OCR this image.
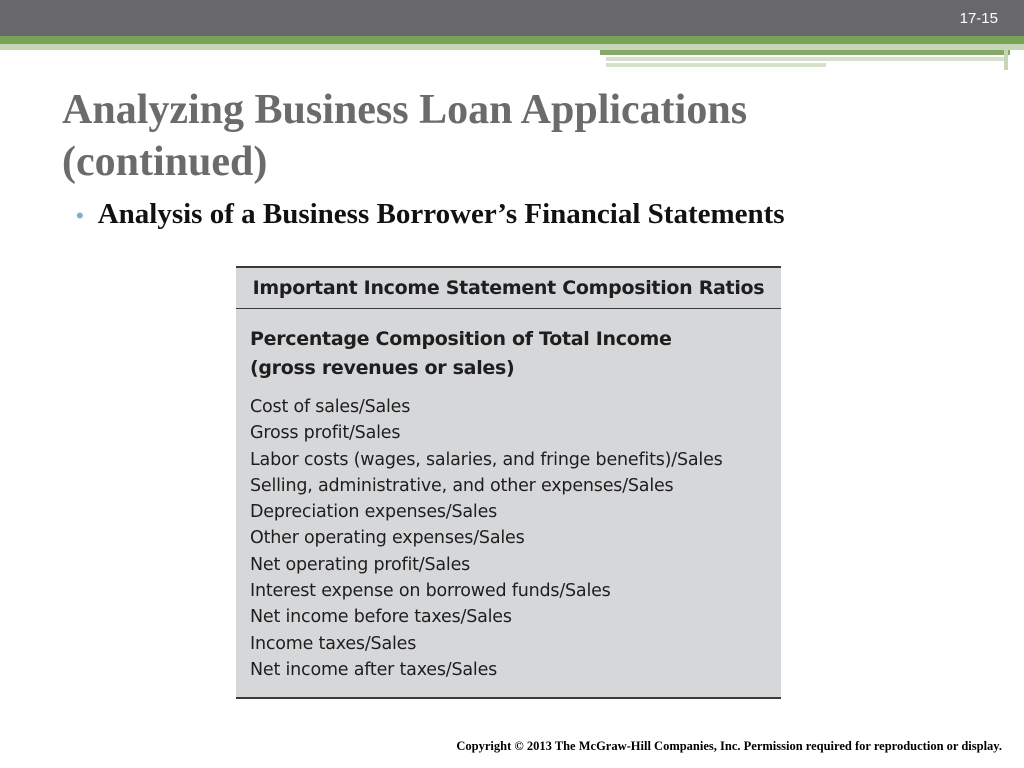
17-15
Analyzing Business Loan Applications
(continued)
• Analysis of a Business Borrower’s Financial Statements
Important Income Statement Composition Ratios
Percentage Composition of Total Income
(gross revenues or sales)
Cost of sales/Sales
Gross profit/Sales
Labor costs (wages, salaries, and fringe benefits)/Sales
Selling, administrative, and other expenses/Sales
Depreciation expenses/Sales
Other operating expenses/Sales
Net operating profit/Sales
Interest expense on borrowed funds/Sales
Net income before taxes/Sales
Income taxes/Sales
Net income after taxes/Sales
Copyright © 2013 The McGraw-Hill Companies, Inc. Permission required for reproduction or display.
